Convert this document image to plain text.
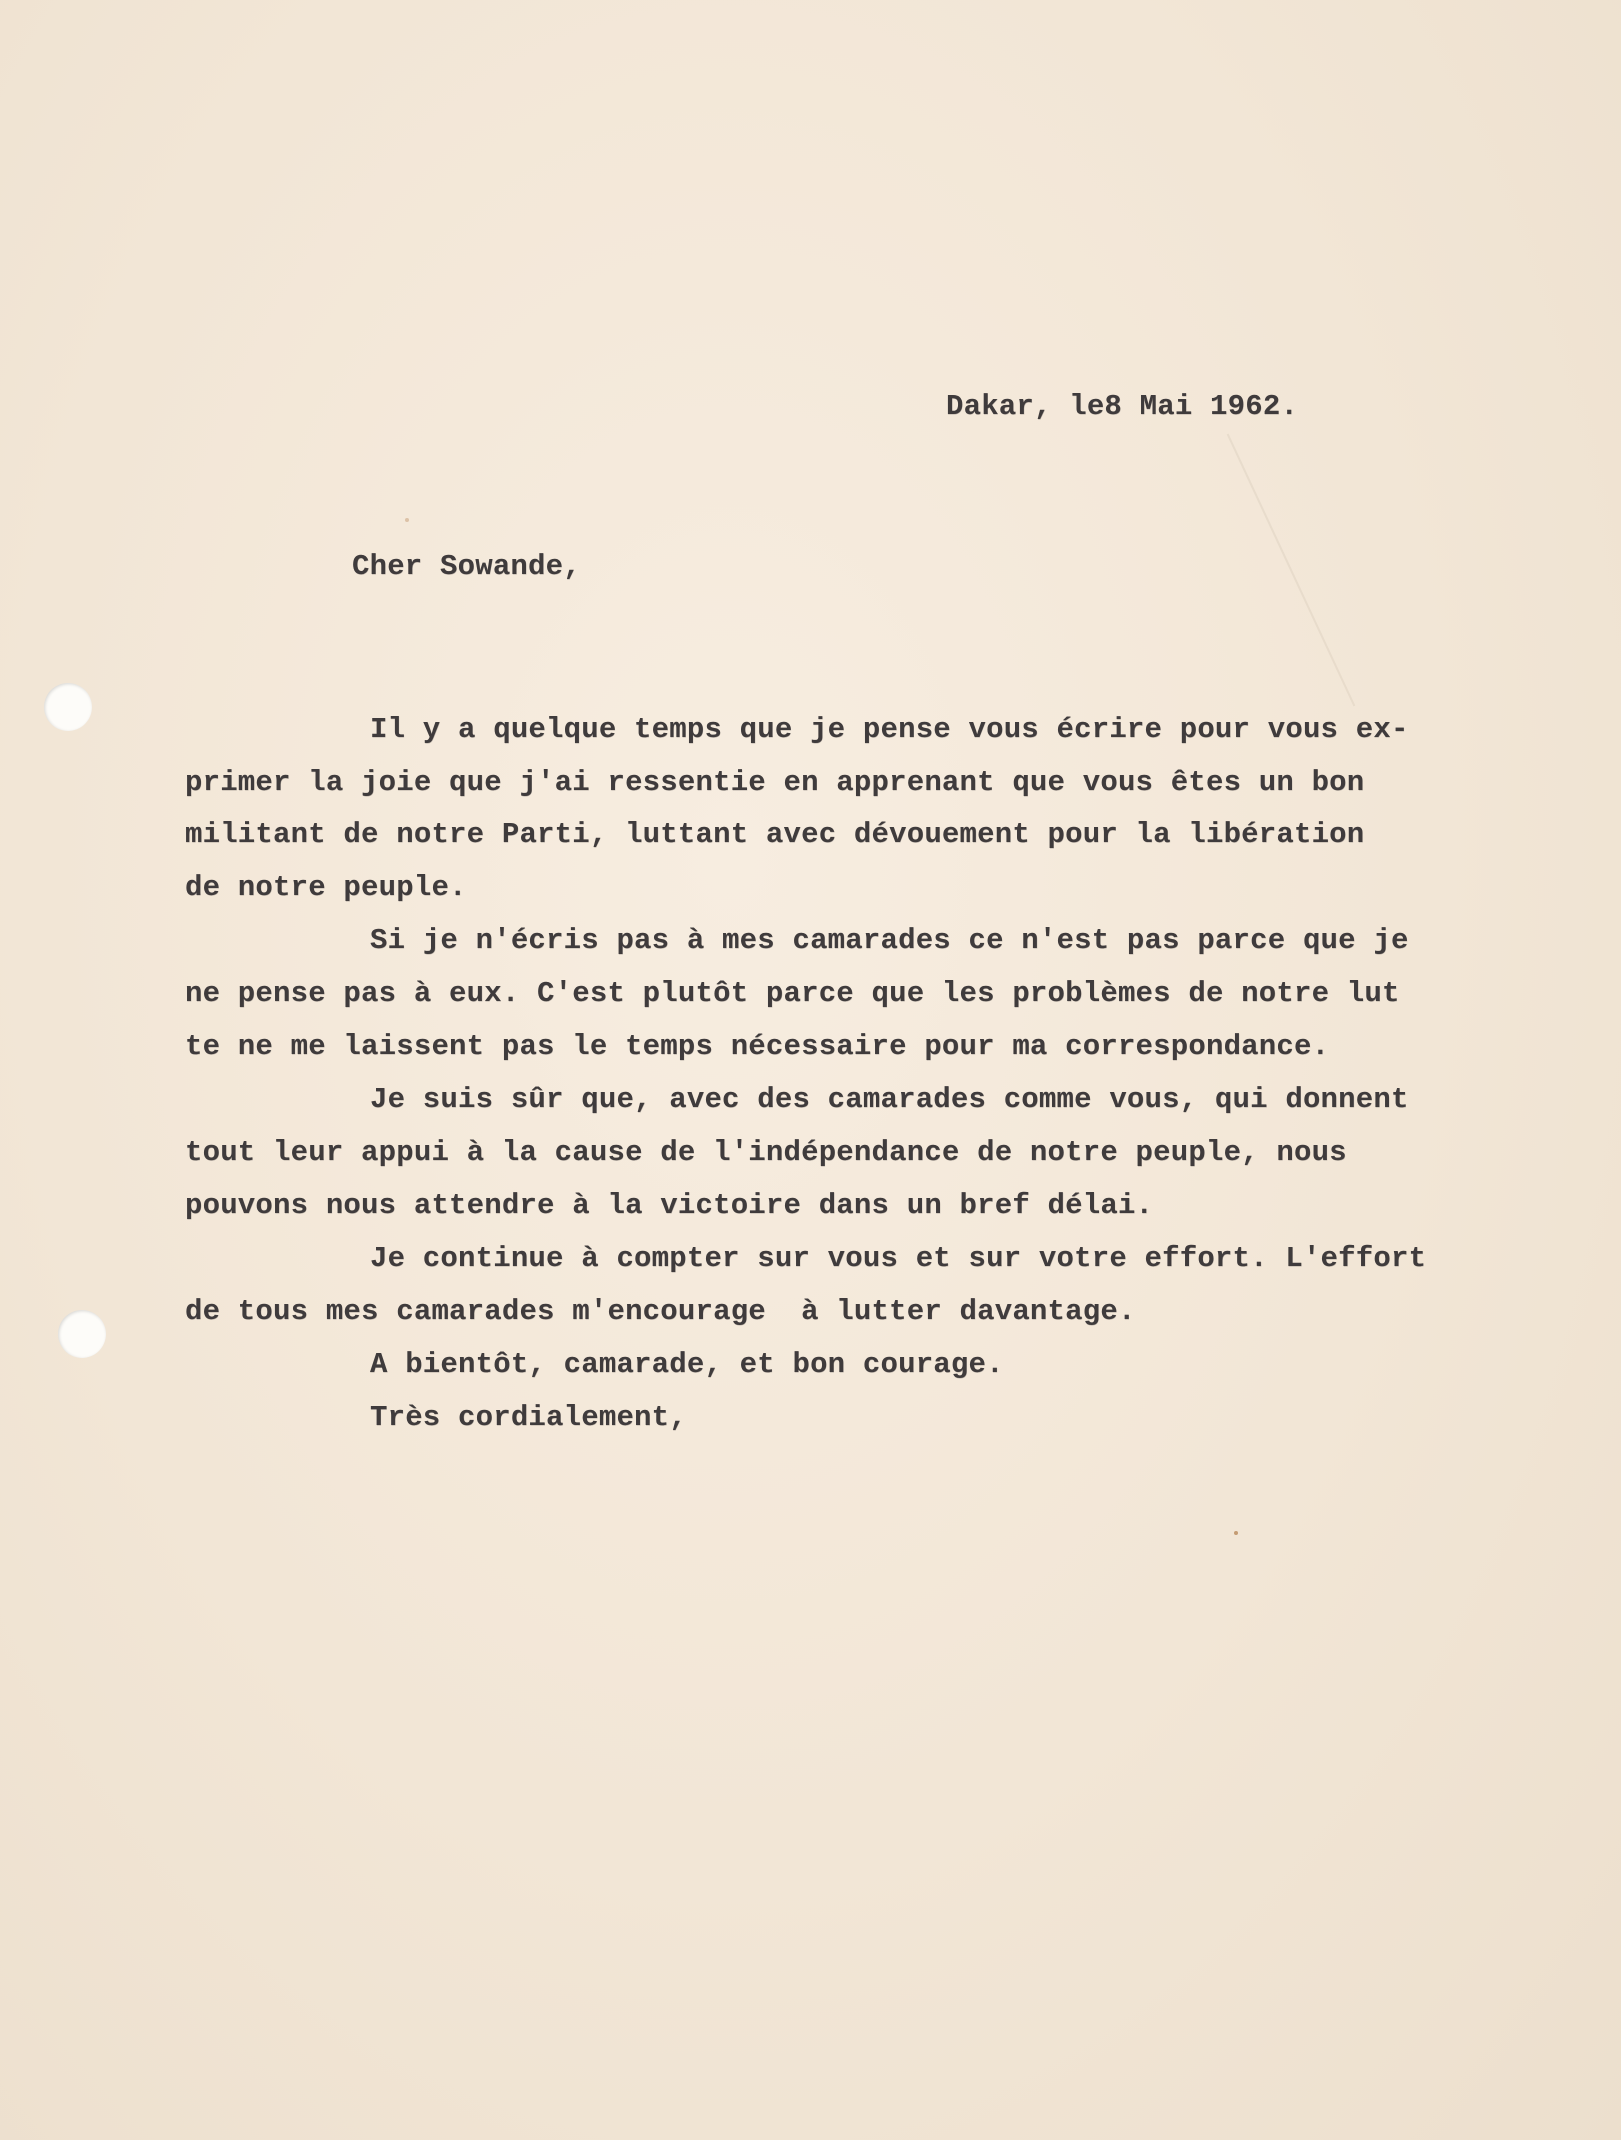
Dakar, le8 Mai 1962.
Cher Sowande,
Il y a quelque temps que je pense vous écrire pour vous ex-
primer la joie que j'ai ressentie en apprenant que vous êtes un bon
militant de notre Parti, luttant avec dévouement pour la libération
de notre peuple.
Si je n'écris pas à mes camarades ce n'est pas parce que je
ne pense pas à eux. C'est plutôt parce que les problèmes de notre lut
te ne me laissent pas le temps nécessaire pour ma correspondance.
Je suis sûr que, avec des camarades comme vous, qui donnent
tout leur appui à la cause de l'indépendance de notre peuple, nous
pouvons nous attendre à la victoire dans un bref délai.
Je continue à compter sur vous et sur votre effort. L'effort
de tous mes camarades m'encourage  à lutter davantage.
A bientôt, camarade, et bon courage.
Très cordialement,
